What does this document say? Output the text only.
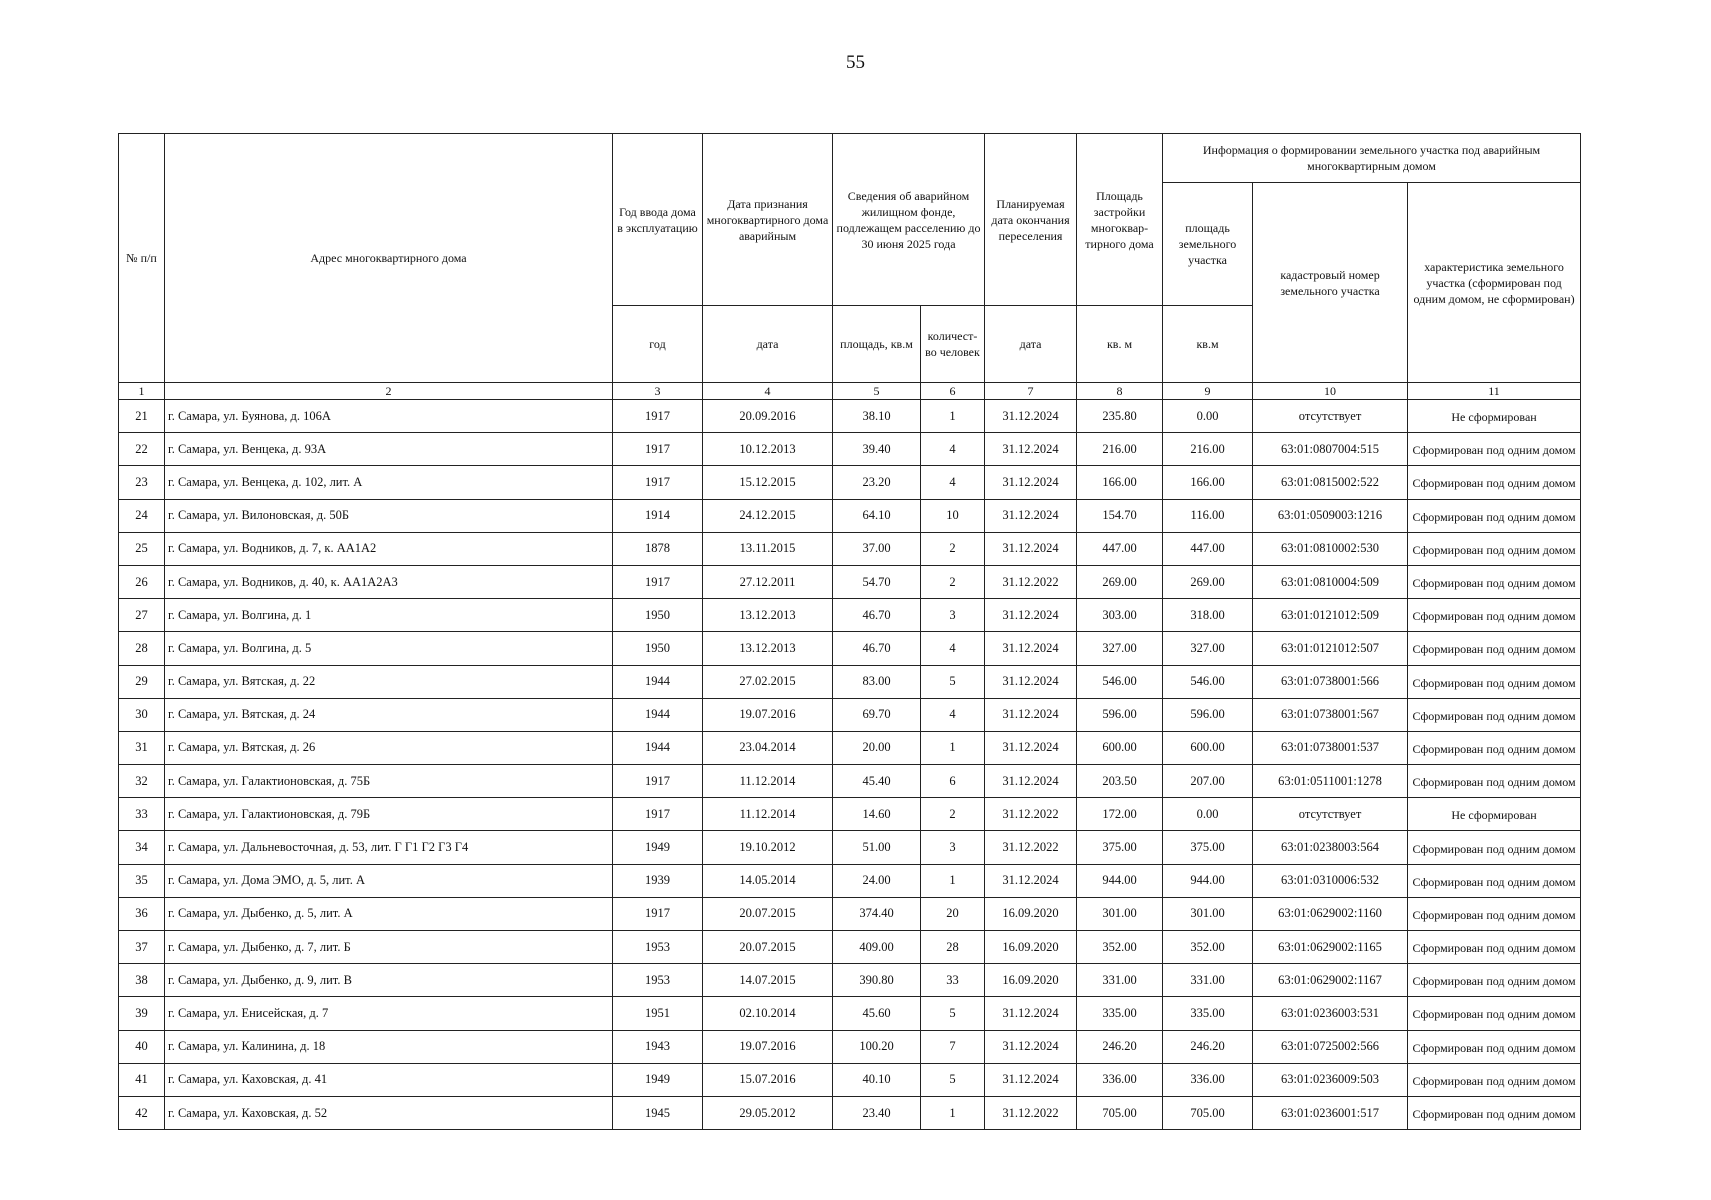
55
№ п/п	Адрес многоквартирного дома	Год ввода дома в эксплуатацию	Дата признания многоквартирного дома аварийным	Сведения об аварийном жилищном фонде, подлежащем расселению до 30 июня 2025 года		Планируемая дата окончания переселения	Площадь застройки многоквар-тирного дома	Информация о формировании земельного участка под аварийным многоквартирным домом		
								площадь земельного участка	кадастровый номер земельного участка	характеристика земельного участка (сформирован под одним домом, не сформирован)
		год	дата	площадь, кв.м	количест-во человек	дата	кв. м	кв.м		
1	2	3	4	5	6	7	8	9	10	11
21	г. Самара, ул. Буянова, д. 106А	1917	20.09.2016	38.10	1	31.12.2024	235.80	0.00	отсутствует	Не сформирован
22	г. Самара, ул. Венцека, д. 93А	1917	10.12.2013	39.40	4	31.12.2024	216.00	216.00	63:01:0807004:515	Сформирован под одним домом
23	г. Самара, ул. Венцека, д. 102, лит. А	1917	15.12.2015	23.20	4	31.12.2024	166.00	166.00	63:01:0815002:522	Сформирован под одним домом
24	г. Самара, ул. Вилоновская, д. 50Б	1914	24.12.2015	64.10	10	31.12.2024	154.70	116.00	63:01:0509003:1216	Сформирован под одним домом
25	г. Самара, ул. Водников, д. 7, к. АА1А2	1878	13.11.2015	37.00	2	31.12.2024	447.00	447.00	63:01:0810002:530	Сформирован под одним домом
26	г. Самара, ул. Водников, д. 40, к. АА1А2А3	1917	27.12.2011	54.70	2	31.12.2022	269.00	269.00	63:01:0810004:509	Сформирован под одним домом
27	г. Самара, ул. Волгина, д. 1	1950	13.12.2013	46.70	3	31.12.2024	303.00	318.00	63:01:0121012:509	Сформирован под одним домом
28	г. Самара, ул. Волгина, д. 5	1950	13.12.2013	46.70	4	31.12.2024	327.00	327.00	63:01:0121012:507	Сформирован под одним домом
29	г. Самара, ул. Вятская, д. 22	1944	27.02.2015	83.00	5	31.12.2024	546.00	546.00	63:01:0738001:566	Сформирован под одним домом
30	г. Самара, ул. Вятская, д. 24	1944	19.07.2016	69.70	4	31.12.2024	596.00	596.00	63:01:0738001:567	Сформирован под одним домом
31	г. Самара, ул. Вятская, д. 26	1944	23.04.2014	20.00	1	31.12.2024	600.00	600.00	63:01:0738001:537	Сформирован под одним домом
32	г. Самара, ул. Галактионовская, д. 75Б	1917	11.12.2014	45.40	6	31.12.2024	203.50	207.00	63:01:0511001:1278	Сформирован под одним домом
33	г. Самара, ул. Галактионовская, д. 79Б	1917	11.12.2014	14.60	2	31.12.2022	172.00	0.00	отсутствует	Не сформирован
34	г. Самара, ул. Дальневосточная, д. 53, лит. Г Г1 Г2 Г3 Г4	1949	19.10.2012	51.00	3	31.12.2022	375.00	375.00	63:01:0238003:564	Сформирован под одним домом
35	г. Самара, ул. Дома ЭМО, д. 5, лит. А	1939	14.05.2014	24.00	1	31.12.2024	944.00	944.00	63:01:0310006:532	Сформирован под одним домом
36	г. Самара, ул. Дыбенко, д. 5, лит. А	1917	20.07.2015	374.40	20	16.09.2020	301.00	301.00	63:01:0629002:1160	Сформирован под одним домом
37	г. Самара, ул. Дыбенко, д. 7, лит. Б	1953	20.07.2015	409.00	28	16.09.2020	352.00	352.00	63:01:0629002:1165	Сформирован под одним домом
38	г. Самара, ул. Дыбенко, д. 9, лит. В	1953	14.07.2015	390.80	33	16.09.2020	331.00	331.00	63:01:0629002:1167	Сформирован под одним домом
39	г. Самара, ул. Енисейская, д. 7	1951	02.10.2014	45.60	5	31.12.2024	335.00	335.00	63:01:0236003:531	Сформирован под одним домом
40	г. Самара, ул. Калинина, д. 18	1943	19.07.2016	100.20	7	31.12.2024	246.20	246.20	63:01:0725002:566	Сформирован под одним домом
41	г. Самара, ул. Каховская, д. 41	1949	15.07.2016	40.10	5	31.12.2024	336.00	336.00	63:01:0236009:503	Сформирован под одним домом
42	г. Самара, ул. Каховская, д. 52	1945	29.05.2012	23.40	1	31.12.2022	705.00	705.00	63:01:0236001:517	Сформирован под одним домом
